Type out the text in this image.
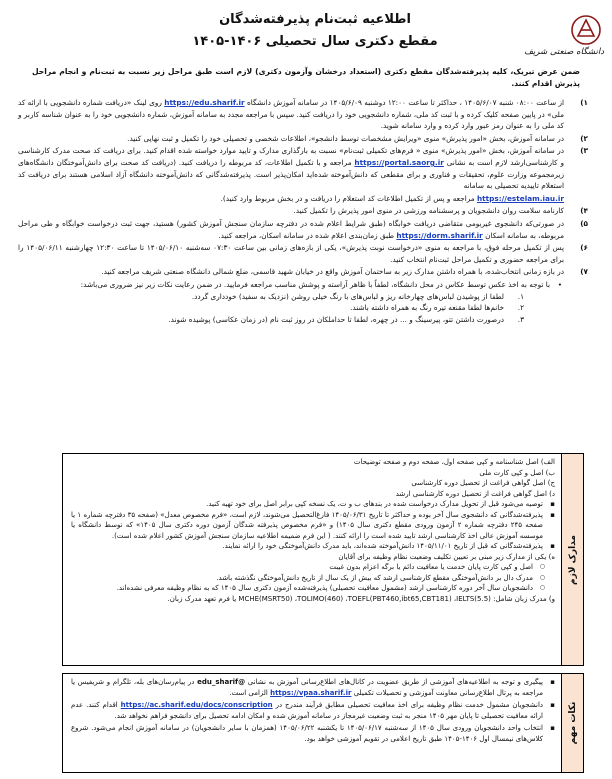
دانشگاه صنعتی شریف
اطلاعیه ثبت‌نام پذیرفته‌شدگان
مقطع دکتری سال تحصیلی ۱۴۰۶-۱۴۰۵
ضمن عرض تبریک، کلیه پذیرفته‌شدگان مقطع دکتری (استعداد درخشان وآزمون دکتری) لازم است طبق مراحل زیر نسبت به ثبت‌نام و انجام مراحل پذیرش اقدام کنند.
۱)
از ساعت ۰۸:۰۰ شنبه ۱۴۰۵/۶/۰۷ ، حداکثر تا ساعت ۱۲:۰۰ دوشنبه ۱۴۰۵/۶/۰۹ در سامانه آموزش دانشگاه https://edu.sharif.ir روی لینک «دریافت شماره دانشجویی با ارائه کد ملی» در پایین صفحه کلیک کرده و با ثبت کد ملی، شماره دانشجویی خود را دریافت کنید. سپس با مراجعه مجدد به سامانه آموزش، شماره دانشجویی خود را به عنوان شناسه کاربر و کد ملی را به عنوان رمز عبور وارد کرده و وارد سامانه شوید.
۲)
در سامانه آموزش، بخش «امور پذیرش» منوی «ویرایش مشخصات توسط دانشجو»، اطلاعات شخصی و تحصیلی خود را تکمیل و ثبت نهایی کنید.
۳)
در سامانه آموزش، بخش «امور پذیرش» منوی « فرم‌های تکمیلی ثبت‌نام» نسبت به بارگذاری مدارک و تایید موارد خواسته شده اقدام کنید. برای دریافت کد صحت مدرک کارشناسی و کارشناسی‌ارشد لازم است به نشانی https://portal.saorg.ir مراجعه و با تکمیل اطلاعات، کد مربوطه را دریافت کنید. (دریافت کد صحت برای دانش‌آموختگان دانشگاه‌های زیرمجموعه وزارت علوم، تحقیقات و فناوری و برای مقطعی که دانش‌آموخته شده‌اید امکان‌پذیر است. پذیرفته‌شدگانی که دانش‌آموخته دانشگاه آزاد اسلامی هستند برای دریافت کد استعلام تاییدیه تحصیلی به سامانه
https://estelam.iau.ir مراجعه و پس از تکمیل اطلاعات کد استعلام را دریافت و در بخش مربوط وارد کنید).
۴)
کارنامه سلامت روان دانشجویان و پرسشنامه ورزشی در منوی امور پذیرش را تکمیل کنید.
۵)
در صورتی‌که دانشجوی غیربومی متقاضی دریافت خوابگاه (طبق شرایط اعلام شده در دفترچه سازمان سنجش آموزش کشور) هستید، جهت ثبت درخواست خوابگاه و طی مراحل مربوطه، به سامانه اسکان https://dorm.sharif.ir طبق زمان‌بندی اعلام شده در سامانه اسکان، مراجعه کنید.
۶)
پس از تکمیل مرحله فوق، با مراجعه به منوی «درخواست نوبت پذیرش»، یکی از بازه‌های زمانی بین ساعت ۰۷:۳۰ سه‌شنبه ۱۴۰۵/۰۶/۱۰ تا ساعت ۱۲:۳۰ چهارشنبه ۱۴۰۵/۰۶/۱۱ را برای مراجعه حضوری و تکمیل مراحل ثبت‌نام انتخاب کنید.
۷)
در بازه زمانی انتخاب‌شده، با همراه داشتن مدارک زیر به ساختمان آموزش واقع در خیابان شهید قاسمی، ضلع شمالی دانشگاه صنعتی شریف مراجعه کنید.
•
با توجه به اخذ عکس توسط عکاس در محل دانشگاه، لطفاً با ظاهر آراسته و پوشش مناسب مراجعه فرمایید. در ضمن رعایت نکات زیر نیز ضروری می‌باشد:
۱.
لطفا از پوشیدن لباس‌های چهارخانه ریز و لباس‌های با رنگ خیلی روشن (نزدیک به سفید) خودداری گردد.
۲.
خانم‌ها لطفا مقنعه تیره رنگ به همراه داشته باشند.
۳.
درصورت داشتن تتو، پیرسینگ و ... در چهره، لطفا تا حداملکان در روز ثبت نام (در زمان عکاسی) پوشیده شوند.
الف) اصل شناسنامه و کپی صفحه اول، صفحه دوم و صفحه توضیحات
ب) اصل و کپی کارت ملی
ج) اصل گواهی فراغت از تحصیل دوره کارشناسی
د) اصل گواهی فراغت از تحصیل دوره کارشناسی ارشد
▪ توصیه می‌شود قبل از تحویل مدارک درخواست شده در بندهای ب و ت، یک نسخه کپی برابر اصل برای خود تهیه کنید.
▪ پذیرفته‌شدگانی که دانشجوی سال آخر بوده و حداکثر تا تاریخ ۱۴۰۵/۰۶/۳۱ فارغ‌التحصیل می‌شوند، لازم است، «فرم مخصوص معدل» (صفحه ۳۵ دفترچه شماره ۱ یا صفحه ۲۴۵ دفترچه شماره ۲ آزمون ورودی مقطع دکتری سال ۱۴۰۵) و «فرم مخصوص پذیرفته شدگان آزمون دوره دکتری سال ۱۴۰۵» که توسط دانشگاه یا موسسه آموزش عالی اخذ کارشناسی ارشد تایید شده است را ارائه کنند. ( این فرم ضمیمه اطلاعیه سازمان سنجش آموزش کشور اعلام شده است).
▪ پذیرفته‌شدگانی که قبل از تاریخ ۱۴۰۵/۱۱/۰۱ دانش‌آموخته شده‌اند، باید مدرک دانش‌آموختگی خود را ارائه نمایند.
ه) یکی از مدارک زیر مبنی بر تعیین تکلیف وضعیت نظام وظیفه برای آقایان
○ اصل و کپی کارت پایان خدمت یا معافیت دائم یا برگه اعزام بدون غیبت
○ مدرک دال بر دانش‌آموختگی مقطع کارشناسی ارشد که بیش از یک سال از تاریخ دانش‌آموختگی نگذشته باشد.
○ دانشجویان سال آخر دوره کارشناسی ارشد (مشمول معافیت تحصیلی) پذیرفته‌شده آزمون دکتری سال ۱۴۰۵ که به نظام وظیفه معرفی نشده‌اند.
و) مدرک زبان شامل: MCHE(MSRT50) ،TOLIMO(460) ،TOEFL(PBT460,ibt65,CBT181) ،IELTS(5.5) یا فرم تعهد مدرک زبان.
مدارک لازم
▪ پیگیری و توجه به اطلاعیه‌های آموزشی از طریق عضویت در کانال‌های اطلاع‌رسانی آموزش به نشانی @edu_sharif در پیام‌رسان‌های بله، تلگرام و شریفیس یا مراجعه به پرتال اطلاع‌رسانی معاونت آموزشی و تحصیلات تکمیلی https://vpaa.sharif.ir الزامی است.
▪ دانشجویان مشمول خدمت نظام وظیفه برای اخذ معافیت تحصیلی مطابق فرآیند مندرج در https://ac.sharif.edu/docs/conscription اقدام کنند. عدم ارائه معافیت تحصیلی تا پایان مهر ۱۴۰۵ منجر به ثبت وضعیت غیرمجاز در سامانه آموزش شده و امکان ادامه تحصیل برای دانشجو فراهم نخواهد شد.
▪ انتخاب واحد دانشجویان ورودی سال ۱۴۰۵ از سه‌شنبه ۱۴۰۵/۰۶/۱۷ تا یکشنبه ۱۴۰۵/۰۶/۲۲ (همزمان با سایر دانشجویان) در سامانه آموزش انجام می‌شود. شروع کلاس‌های نیمسال اول ۱۴۰۶-۱۴۰۵ طبق تاریخ اعلامی در تقویم آموزشی خواهد بود.	نکات مهم
